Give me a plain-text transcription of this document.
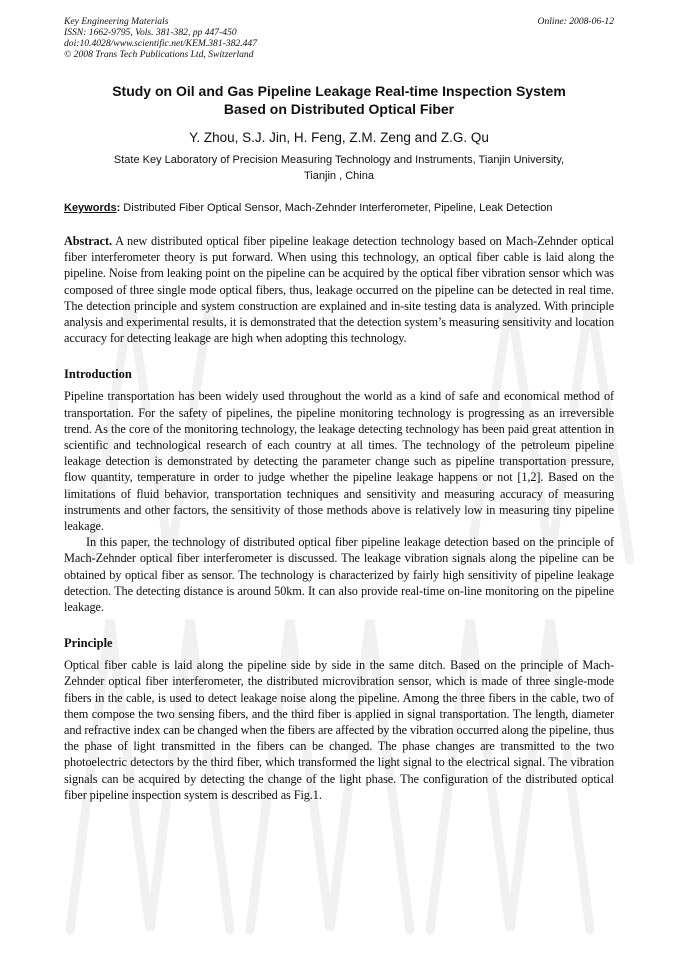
Key Engineering Materials
ISSN: 1662-9795, Vols. 381-382, pp 447-450
doi:10.4028/www.scientific.net/KEM.381-382.447
© 2008 Trans Tech Publications Ltd, Switzerland
Online: 2008-06-12
Study on Oil and Gas Pipeline Leakage Real-time Inspection System
Based on Distributed Optical Fiber
Y. Zhou, S.J. Jin, H. Feng, Z.M. Zeng and Z.G. Qu
State Key Laboratory of Precision Measuring Technology and Instruments, Tianjin University,
Tianjin , China
Keywords: Distributed Fiber Optical Sensor, Mach-Zehnder Interferometer, Pipeline, Leak Detection
Abstract. A new distributed optical fiber pipeline leakage detection technology based on Mach-Zehnder optical fiber interferometer theory is put forward. When using this technology, an optical fiber cable is laid along the pipeline. Noise from leaking point on the pipeline can be acquired by the optical fiber vibration sensor which was composed of three single mode optical fibers, thus, leakage occurred on the pipeline can be detected in real time. The detection principle and system construction are explained and in-site testing data is analyzed. With principle analysis and experimental results, it is demonstrated that the detection system’s measuring sensitivity and location accuracy for detecting leakage are high when adopting this technology.
Introduction

Pipeline transportation has been widely used throughout the world as a kind of safe and economical method of transportation. For the safety of pipelines, the pipeline monitoring technology is progressing as an irreversible trend. As the core of the monitoring technology, the leakage detecting technology has been paid great attention in scientific and technological research of each country at all times. The technology of the petroleum pipeline leakage detection is demonstrated by detecting the parameter change such as pipeline transportation pressure, flow quantity, temperature in order to judge whether the pipeline leakage happens or not [1,2]. Based on the limitations of fluid behavior, transportation techniques and sensitivity and measuring accuracy of measuring instruments and other factors, the sensitivity of those methods above is relatively low in measuring tiny pipeline leakage.

In this paper, the technology of distributed optical fiber pipeline leakage detection based on the principle of Mach-Zehnder optical fiber interferometer is discussed. The leakage vibration signals along the pipeline can be obtained by optical fiber as sensor. The technology is characterized by fairly high sensitivity of pipeline leakage detection. The detecting distance is around 50km. It can also provide real-time on-line monitoring on the pipeline leakage.

Principle

Optical fiber cable is laid along the pipeline side by side in the same ditch. Based on the principle of Mach-Zehnder optical fiber interferometer, the distributed microvibration sensor, which is made of three single-mode fibers in the cable, is used to detect leakage noise along the pipeline. Among the three fibers in the cable, two of them compose the two sensing fibers, and the third fiber is applied in signal transportation. The length, diameter and refractive index can be changed when the fibers are affected by the vibration occurred along the pipeline, thus the phase of light transmitted in the fibers can be changed. The phase changes are transmitted to the two photoelectric detectors by the third fiber, which transformed the light signal to the electrical signal. The vibration signals can be acquired by detecting the change of the light phase. The configuration of the distributed optical fiber pipeline inspection system is described as Fig.1.
